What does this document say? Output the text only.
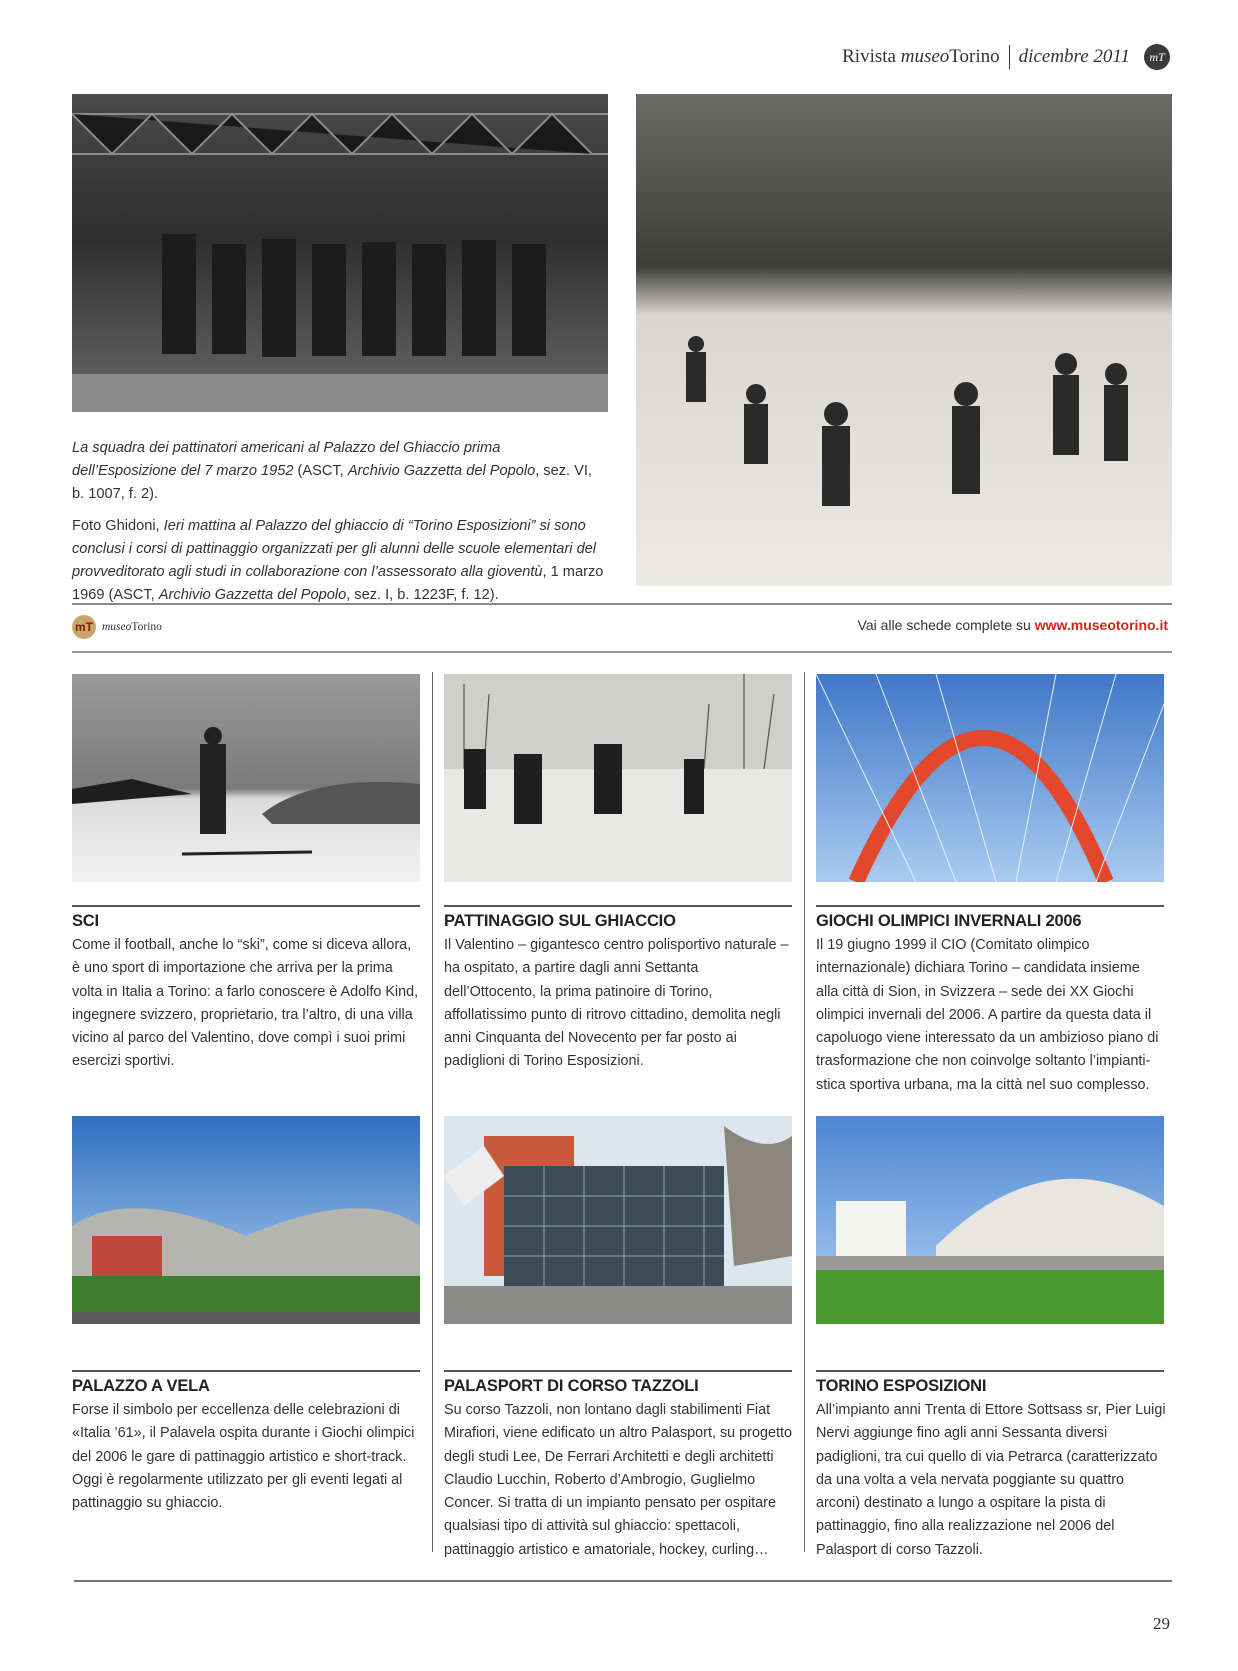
Rivista
museo Torino dicembre 2011	mT

La squadra dei pattinatori americani al Palazzo del Ghiaccio prima dell’Esposizione del 7 marzo 1952 (ASCT, Archivio Gazzetta del Popolo, sez. VI, b. 1007, f. 2).

Foto Ghidoni, Ieri mattina al Palazzo del ghiaccio di “Torino Esposizioni” si sono conclusi i corsi di pattinaggio organizzati per gli alunni delle scuole elementari del provveditorato agli studi in collaborazione con l’assessorato alla gioventù, 1 marzo 1969 (ASCT, Archivio Gazzetta del Popolo, sez. I, b. 1223F, f. 12).

mT museoTorino	Vai alle schede complete su www.museotorino.it
SCI
Come il football, anche lo “ski”, come si diceva allora, è uno sport di importazione che arriva per la prima volta in Italia a Torino: a farlo conoscere è Adolfo Kind, ingegnere svizzero, proprietario, tra l’altro, di una villa vicino al parco del Valentino, dove compì i suoi primi esercizi sportivi.
PATTINAGGIO SUL GHIACCIO
Il Valentino – gigantesco centro polisportivo naturale – ha ospitato, a partire dagli anni Settanta dell’Ottocento, la prima patinoire di Torino, affollatissimo punto di ritrovo cittadino, demolita negli anni Cinquanta del Novecento per far posto ai padiglioni di Torino Esposizioni.
GIOCHI OLIMPICI INVERNALI 2006
Il 19 giugno 1999 il CIO (Comitato olimpico internazionale) dichiara Torino – candidata insieme alla città di Sion, in Svizzera – sede dei XX Giochi olimpici invernali del 2006. A partire da questa data il capoluogo viene interessato da un ambizioso piano di trasformazione che non coinvolge soltanto l’impianti-stica sportiva urbana, ma la città nel suo complesso.
PALAZZO A VELA
Forse il simbolo per eccellenza delle celebrazioni di «Italia ’61», il Palavela ospita durante i Giochi olimpici del 2006 le gare di pattinaggio artistico e short-track. Oggi è regolarmente utilizzato per gli eventi legati al pattinaggio su ghiaccio.
PALASPORT DI CORSO TAZZOLI
Su corso Tazzoli, non lontano dagli stabilimenti Fiat Mirafiori, viene edificato un altro Palasport, su progetto degli studi Lee, De Ferrari Architetti e degli architetti Claudio Lucchin, Roberto d’Ambrogio, Guglielmo Concer. Si tratta di un impianto pensato per ospitare qualsiasi tipo di attività sul ghiaccio: spettacoli, pattinaggio artistico e amatoriale, hockey, curling…
TORINO ESPOSIZIONI
All’impianto anni Trenta di Ettore Sottsass sr, Pier Luigi Nervi aggiunge fino agli anni Sessanta diversi padiglioni, tra cui quello di via Petrarca (caratterizzato da una volta a vela nervata poggiante su quattro arconi) destinato a lungo a ospitare la pista di pattinaggio, fino alla realizzazione nel 2006 del Palasport di corso Tazzoli.
29
